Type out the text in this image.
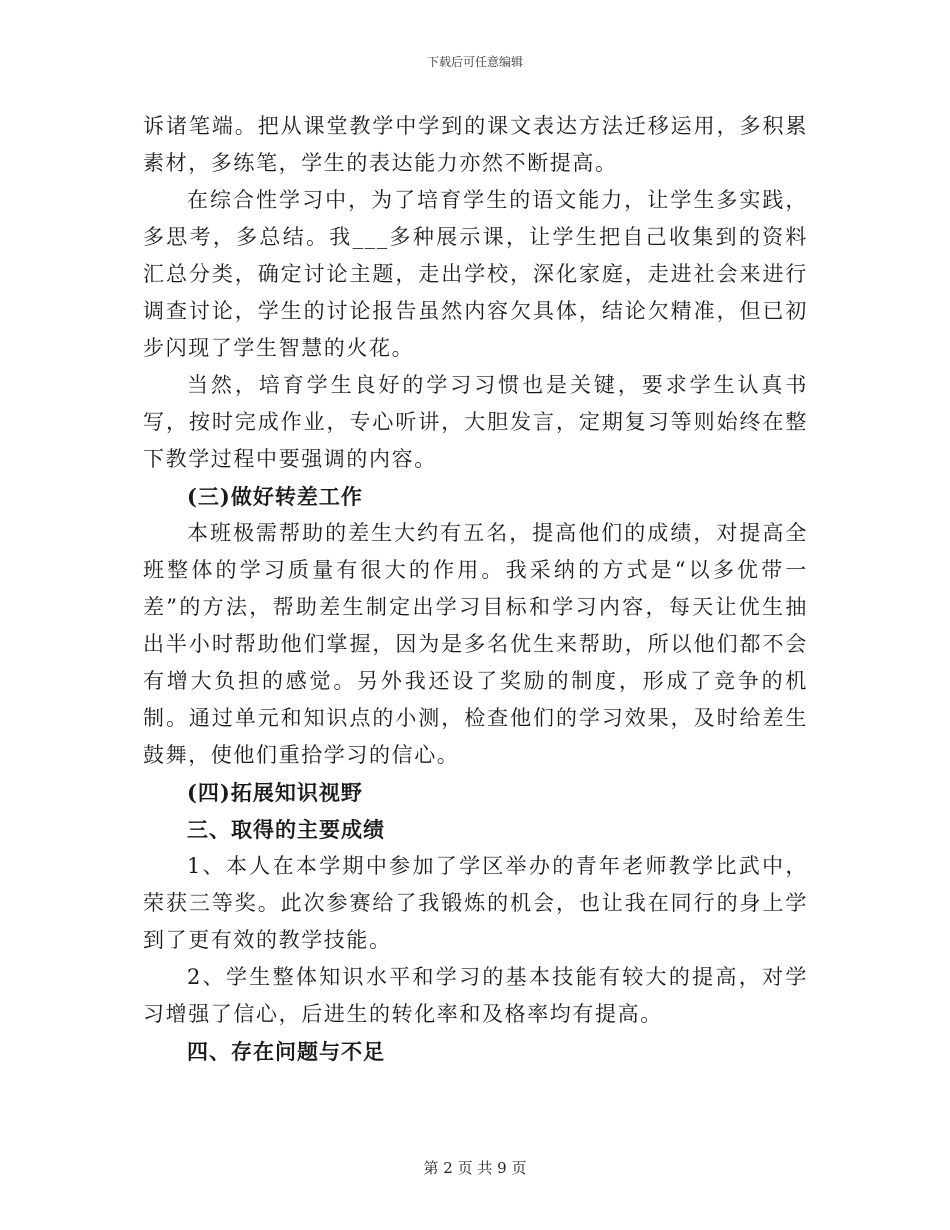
下载后可任意编辑

诉诸笔端。把从课堂教学中学到的课文表达方法迁移运用，多积累素材，多练笔，学生的表达能力亦然不断提高。

在综合性学习中，为了培育学生的语文能力，让学生多实践，多思考，多总结。我___多种展示课，让学生把自己收集到的资料汇总分类，确定讨论主题，走出学校，深化家庭，走进社会来进行调查讨论，学生的讨论报告虽然内容欠具体，结论欠精准，但已初步闪现了学生智慧的火花。

当然，培育学生良好的学习习惯也是关键，要求学生认真书写，按时完成作业，专心听讲，大胆发言，定期复习等则始终在整下教学过程中要强调的内容。

(三)做好转差工作

本班极需帮助的差生大约有五名，提高他们的成绩，对提高全班整体的学习质量有很大的作用。我采纳的方式是“以多优带一差”的方法，帮助差生制定出学习目标和学习内容，每天让优生抽出半小时帮助他们掌握，因为是多名优生来帮助，所以他们都不会有增大负担的感觉。另外我还设了奖励的制度，形成了竞争的机制。通过单元和知识点的小测，检查他们的学习效果，及时给差生鼓舞，使他们重拾学习的信心。

(四)拓展知识视野

三、取得的主要成绩

1、本人在本学期中参加了学区举办的青年老师教学比武中，荣获三等奖。此次参赛给了我锻炼的机会，也让我在同行的身上学到了更有效的教学技能。

2、学生整体知识水平和学习的基本技能有较大的提高，对学习增强了信心，后进生的转化率和及格率均有提高。

四、存在问题与不足

第 2 页 共 9 页
